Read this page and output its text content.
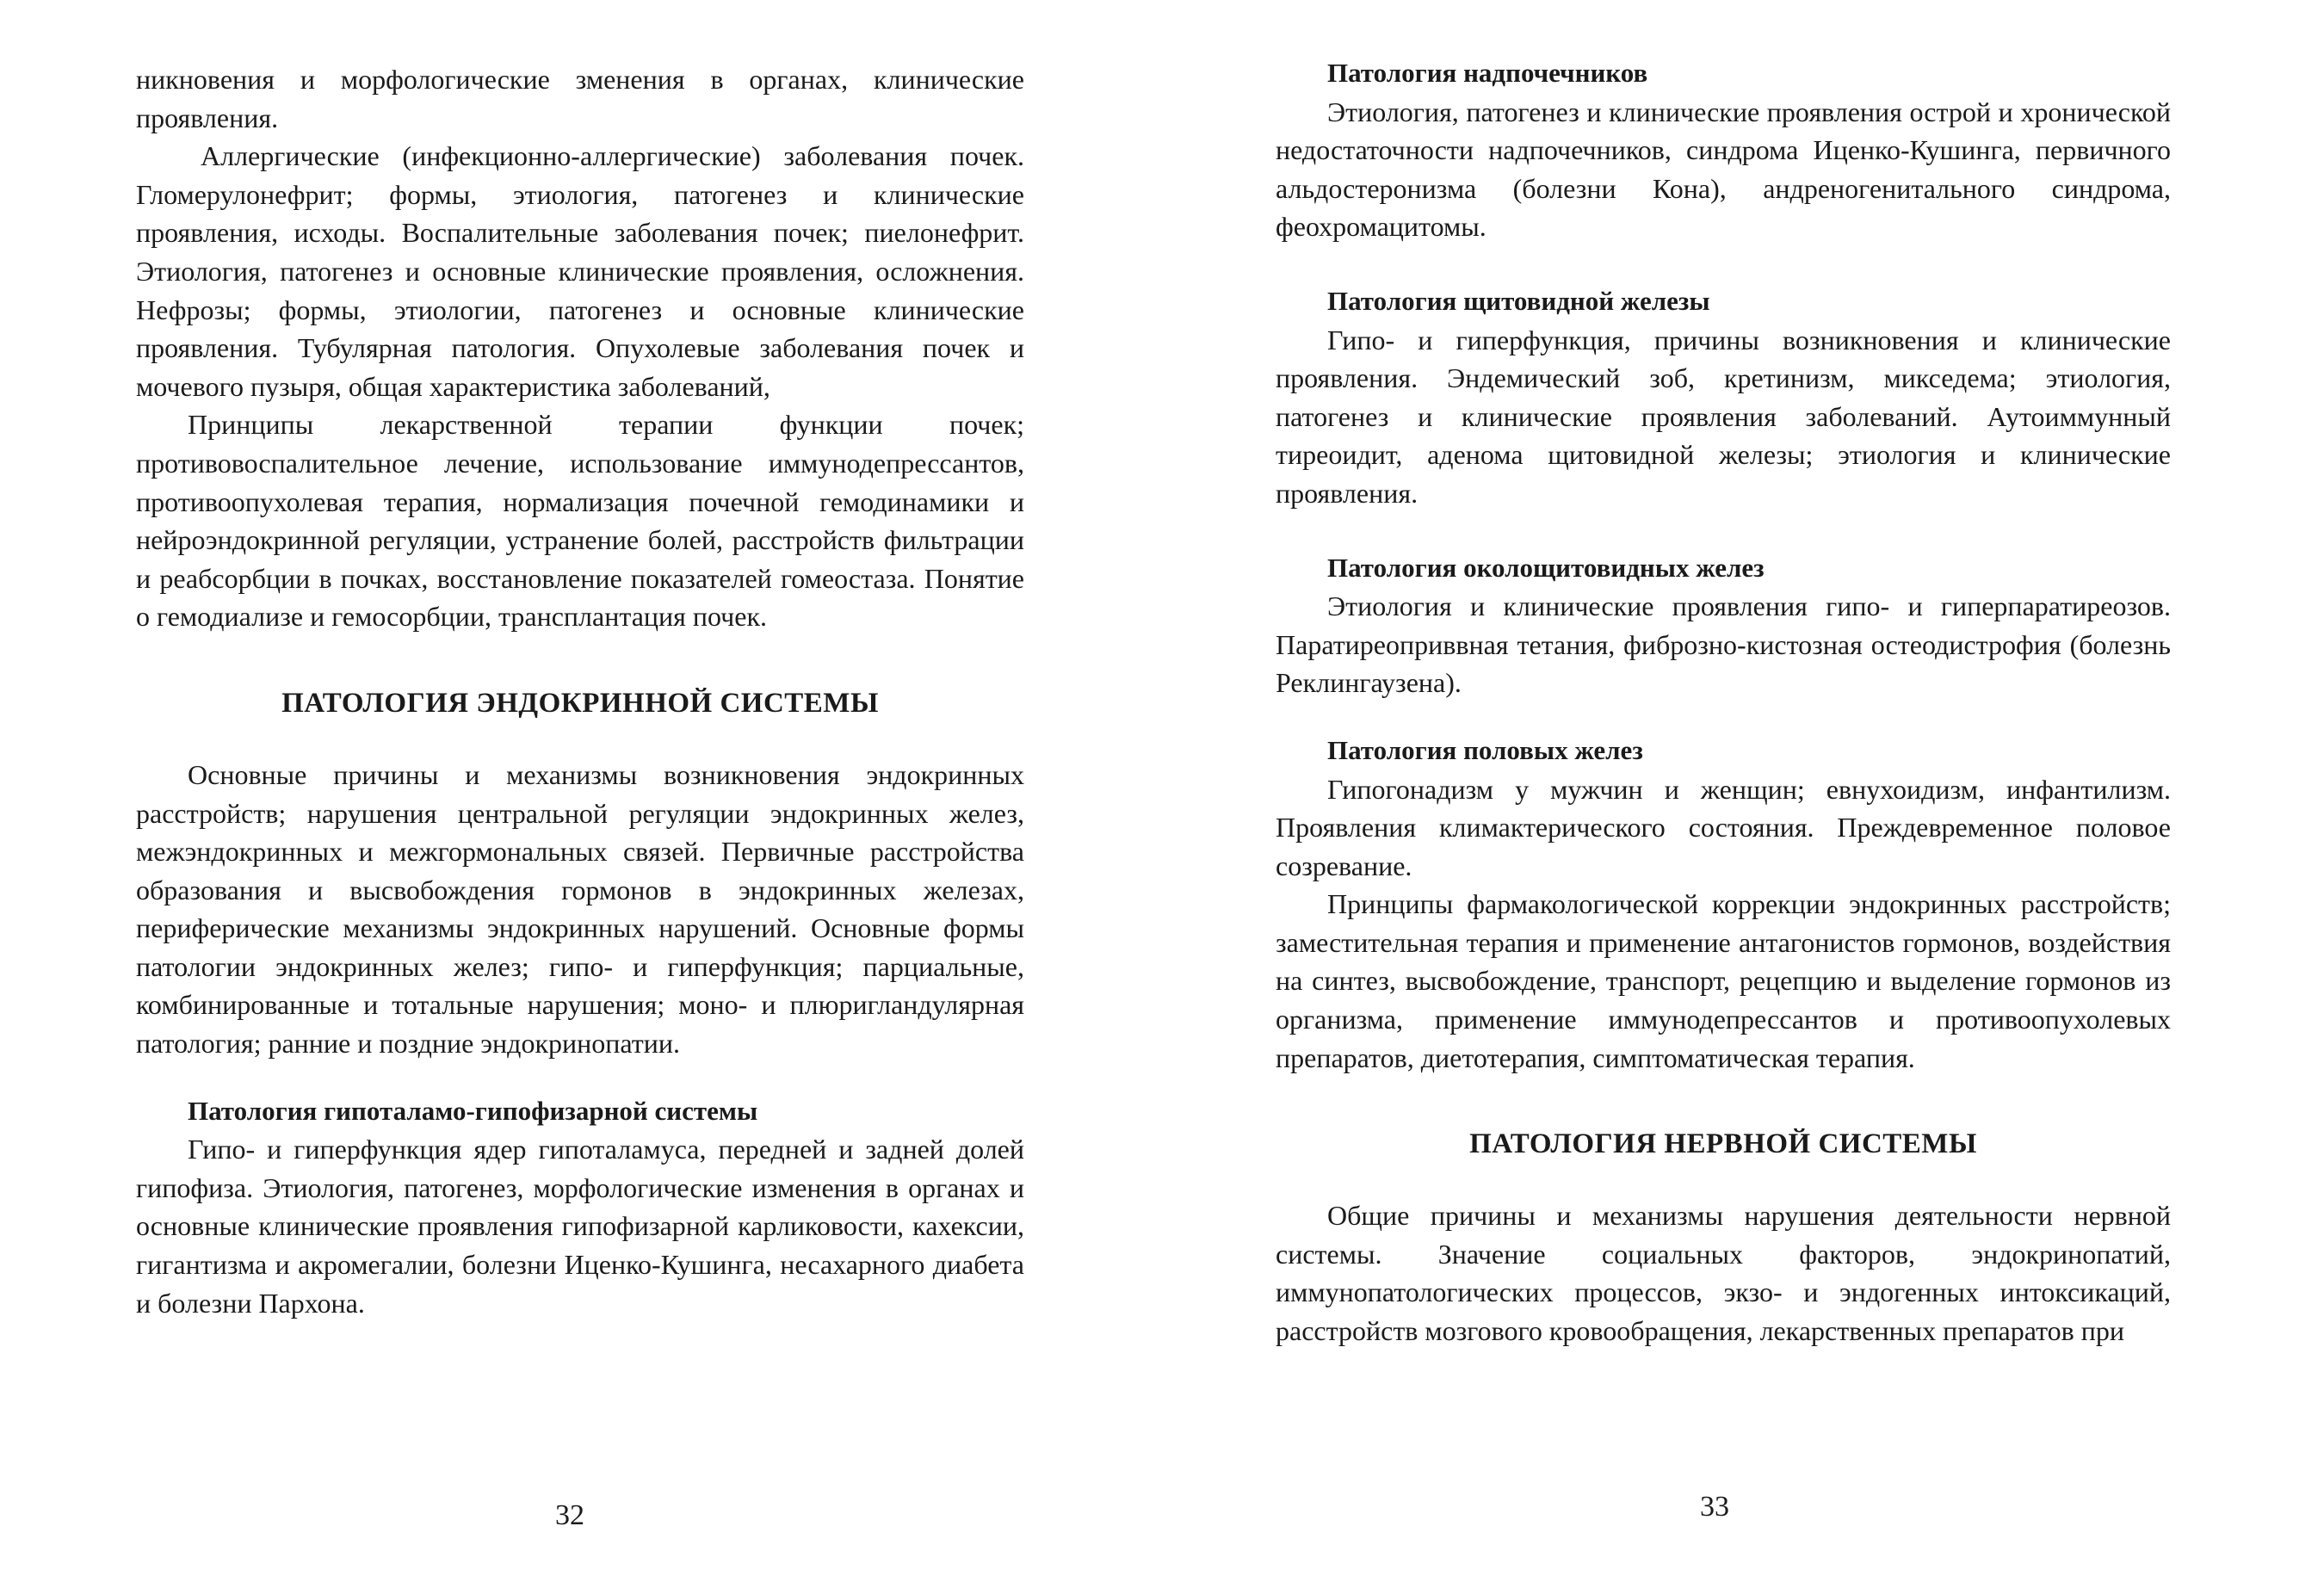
никновения и морфологические зменения в органах, клинические проявления.

Аллергические (инфекционно-аллергические) заболевания почек. Гломерулонефрит; формы, этиология, патогенез и клинические проявления, исходы. Воспалительные заболевания почек; пиелонефрит. Этиология, патогенез и основные клинические проявления, осложнения. Нефрозы; формы, этиологии, патогенез и основные клинические проявления. Тубулярная патология. Опухолевые заболевания почек и мочевого пузыря, общая характеристика заболеваний,

Принципы лекарственной терапии функции почек; противовоспалительное лечение, использование иммунодепрессантов, противоопухолевая терапия, нормализация почечной гемодинамики и нейроэндокринной регуляции, устранение болей, расстройств фильтрации и реабсорбции в почках, восстановление показателей гомеостаза. Понятие о гемодиализе и гемосорбции, трансплантация почек.

ПАТОЛОГИЯ ЭНДОКРИННОЙ СИСТЕМЫ

Основные причины и механизмы возникновения эндокринных расстройств; нарушения центральной регуляции эндокринных желез, межэндокринных и межгормональных связей. Первичные расстройства образования и высвобождения гормонов в эндокринных железах, периферические механизмы эндокринных нарушений. Основные формы патологии эндокринных желез; гипо- и гиперфункция; парциальные, комбинированные и тотальные нарушения; моно- и плюригландулярная патология; ранние и поздние эндокринопатии.

Патология гипоталамо-гипофизарной системы

Гипо- и гиперфункция ядер гипоталамуса, передней и задней долей гипофиза. Этиология, патогенез, морфологические изменения в органах и основные клинические проявления гипофизарной карликовости, кахексии, гигантизма и акромегалии, болезни Иценко-Кушинга, несахарного диабета и болезни Пархона.

32
Патология надпочечников

Этиология, патогенез и клинические проявления острой и хронической недостаточности надпочечников, синдрома Иценко-Кушинга, первичного альдостеронизма (болезни Кона), андреногенитального синдрома, феохромацитомы.

Патология щитовидной железы

Гипо- и гиперфункция, причины возникновения и клинические проявления. Эндемический зоб, кретинизм, микседема; этиология, патогенез и клинические проявления заболеваний. Аутоиммунный тиреоидит, аденома щитовидной железы; этиология и клинические проявления.

Патология околощитовидных желез

Этиология и клинические проявления гипо- и гиперпаратиреозов. Паратиреоприввная тетания, фиброзно-кистозная остеодистрофия (болезнь Реклингаузена).

Патология половых желез

Гипогонадизм у мужчин и женщин; евнухоидизм, инфантилизм. Проявления климактерического состояния. Преждевременное половое созревание.

Принципы фармакологической коррекции эндокринных расстройств; заместительная терапия и применение антагонистов гормонов, воздействия на синтез, высвобождение, транспорт, рецепцию и выделение гормонов из организма, применение иммунодепрессантов и противоопухолевых препаратов, диетотерапия, симптоматическая терапия.

ПАТОЛОГИЯ НЕРВНОЙ СИСТЕМЫ

Общие причины и механизмы нарушения деятельности нервной системы. Значение социальных факторов, эндокринопатий, иммунопатологических процессов, экзо- и эндогенных интоксикаций, расстройств мозгового кровообращения, лекарственных препаратов при

33
